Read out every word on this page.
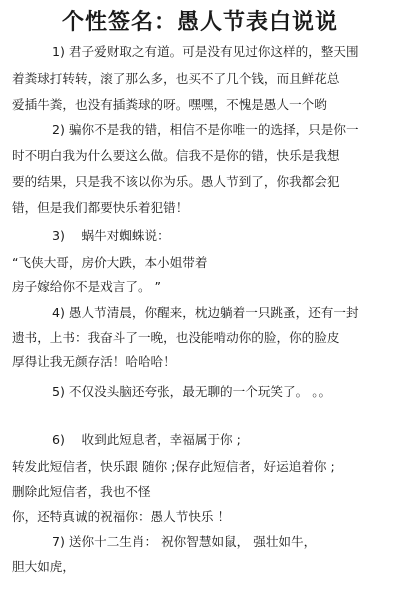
个性签名：愚人节表白说说
1) 君子爱财取之有道。可是没有见过你这样的，整天围
着粪球打转转，滚了那么多，也买不了几个钱，而且鲜花总
爱插牛粪，也没有插粪球的呀。嘿嘿，不愧是愚人一个哟
2) 骗你不是我的错，相信不是你唯一的选择，只是你一
时不明白我为什么要这么做。信我不是你的错，快乐是我想
要的结果，只是我不该以你为乐。愚人节到了，你我都会犯
错，但是我们都要快乐着犯错！
3)　 蜗牛对蜘蛛说：
“飞侠大哥，房价大跌，本小姐带着
房子嫁给你不是戏言了。 ”
4) 愚人节清晨，你醒来，枕边躺着一只跳蚤，还有一封
遗书，上书：我奋斗了一晚，也没能啃动你的脸，你的脸皮
厚得让我无颜存活！哈哈哈！
5) 不仅没头脑还夸张，最无聊的一个玩笑了。 。。
6)　 收到此短息者，幸福属于你 ;
转发此短信者，快乐跟 随你 ;保存此短信者，好运追着你 ;
删除此短信者，我也不怪
你，还特真诚的祝福你：愚人节快乐 ！
7) 送你十二生肖： 祝你智慧如鼠， 强壮如牛，
胆大如虎，
